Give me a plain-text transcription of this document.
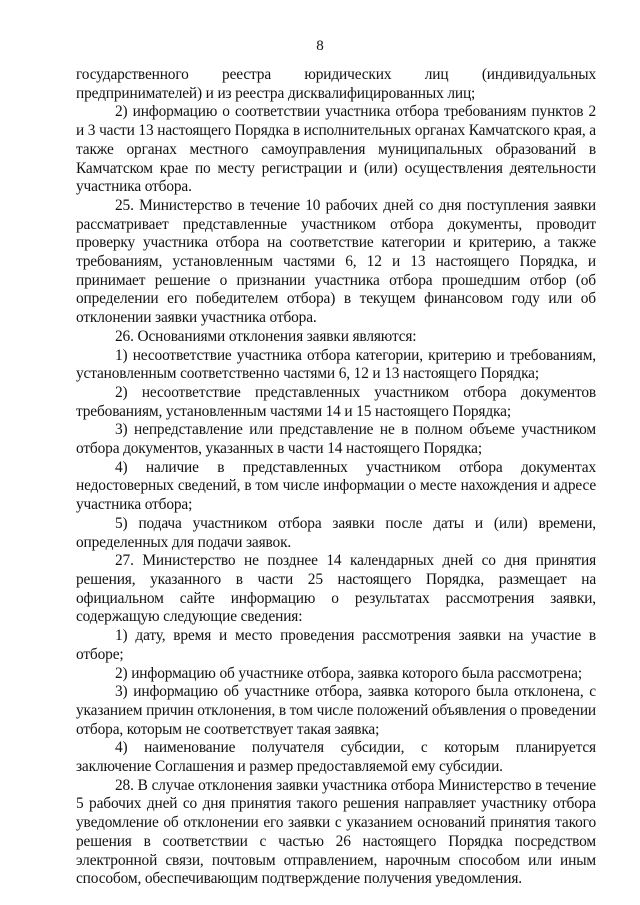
8

государственного реестра юридических лиц (индивидуальных предпринимателей) и из реестра дисквалифицированных лиц;

2) информацию о соответствии участника отбора требованиям пунктов 2 и 3 части 13 настоящего Порядка в исполнительных органах Камчатского края, а также органах местного самоуправления муниципальных образований в Камчатском крае по месту регистрации и (или) осуществления деятельности участника отбора.

25. Министерство в течение 10 рабочих дней со дня поступления заявки рассматривает представленные участником отбора документы, проводит проверку участника отбора на соответствие категории и критерию, а также требованиям, установленным частями 6, 12 и 13 настоящего Порядка, и принимает решение о признании участника отбора прошедшим отбор (об определении его победителем отбора) в текущем финансовом году или об отклонении заявки участника отбора.

26. Основаниями отклонения заявки являются:

1) несоответствие участника отбора категории, критерию и требованиям, установленным соответственно частями 6, 12 и 13 настоящего Порядка;

2) несоответствие представленных участником отбора документов требованиям, установленным частями 14 и 15 настоящего Порядка;

3) непредставление или представление не в полном объеме участником отбора документов, указанных в части 14 настоящего Порядка;

4) наличие в представленных участником отбора документах недостоверных сведений, в том числе информации о месте нахождения и адресе участника отбора;

5) подача участником отбора заявки после даты и (или) времени, определенных для подачи заявок.

27. Министерство не позднее 14 календарных дней со дня принятия решения, указанного в части 25 настоящего Порядка, размещает на официальном сайте информацию о результатах рассмотрения заявки, содержащую следующие сведения:

1) дату, время и место проведения рассмотрения заявки на участие в отборе;

2) информацию об участнике отбора, заявка которого была рассмотрена;

3) информацию об участнике отбора, заявка которого была отклонена, с указанием причин отклонения, в том числе положений объявления о проведении отбора, которым не соответствует такая заявка;

4) наименование получателя субсидии, с которым планируется заключение Соглашения и размер предоставляемой ему субсидии.

28. В случае отклонения заявки участника отбора Министерство в течение 5 рабочих дней со дня принятия такого решения направляет участнику отбора уведомление об отклонении его заявки с указанием оснований принятия такого решения в соответствии с частью 26 настоящего Порядка посредством электронной связи, почтовым отправлением, нарочным способом или иным способом, обеспечивающим подтверждение получения уведомления.
